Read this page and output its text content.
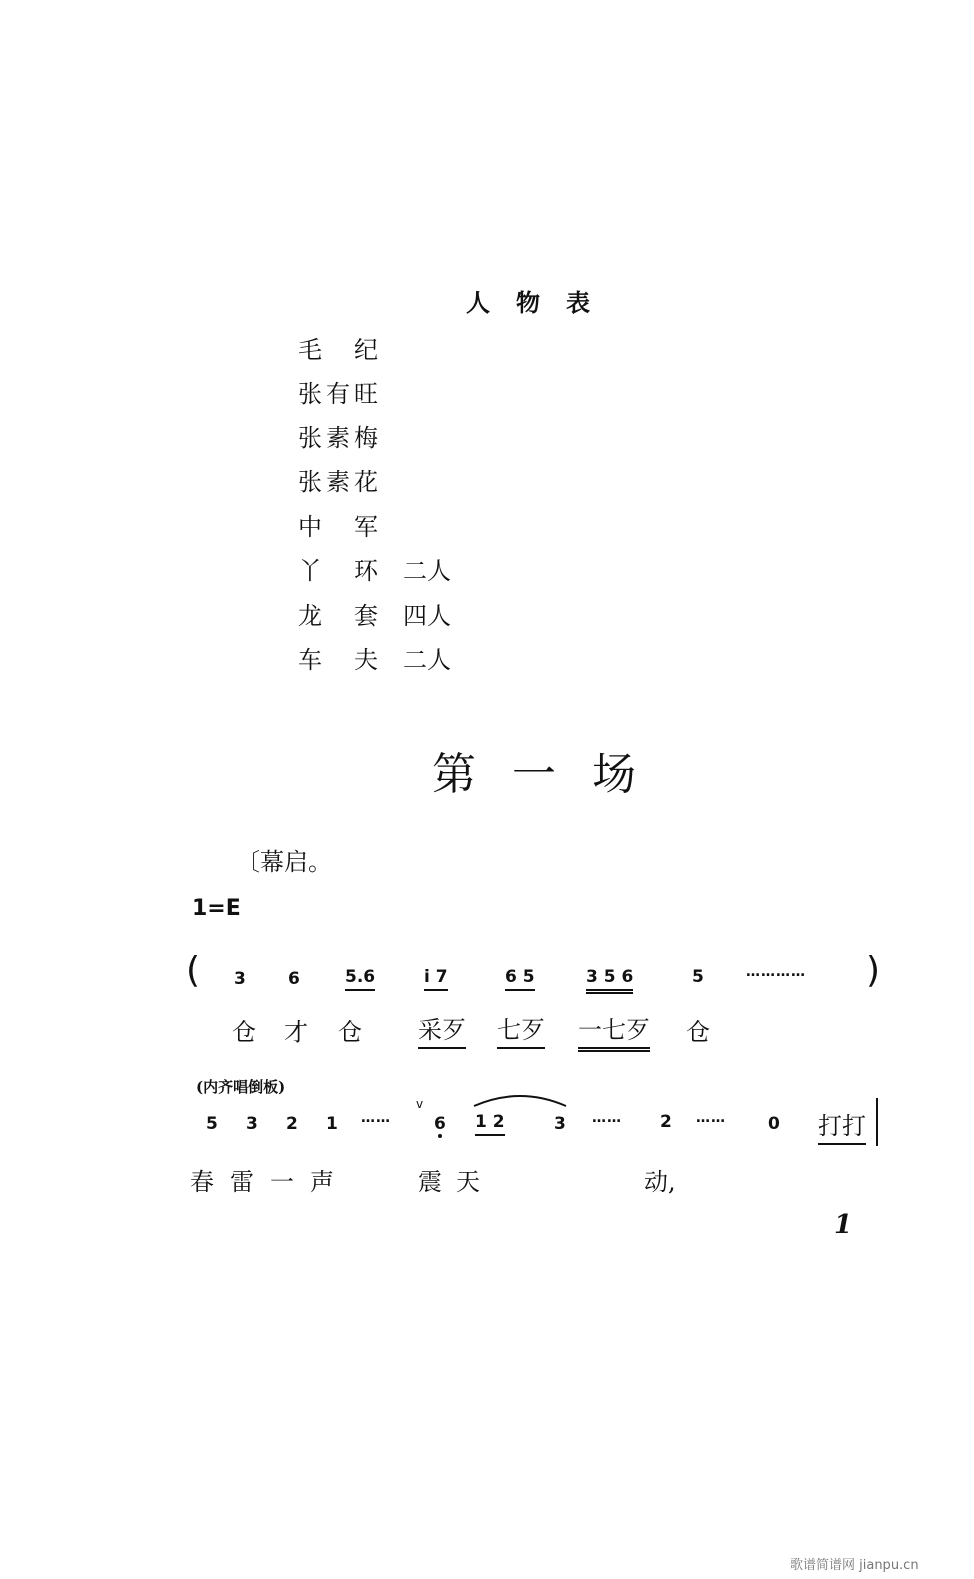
人物表
毛　纪
张有旺
张素梅
张素花
中　军
丫　环 二人
龙　套 四人
车　夫 二人
第一场
〔幕启。
1=E
( 3 6	5.6	i 7	6 5	3 5 6	5	………… )
仓 才 仓 采歹 七歹 一七歹 仓
(内齐唱倒板)
5 3 2 1 ……
v
6 1 2	3 …… 2 …… 0 打打
春 雷 一 声	震 天	动,
1
歌谱简谱网 jianpu.cn
